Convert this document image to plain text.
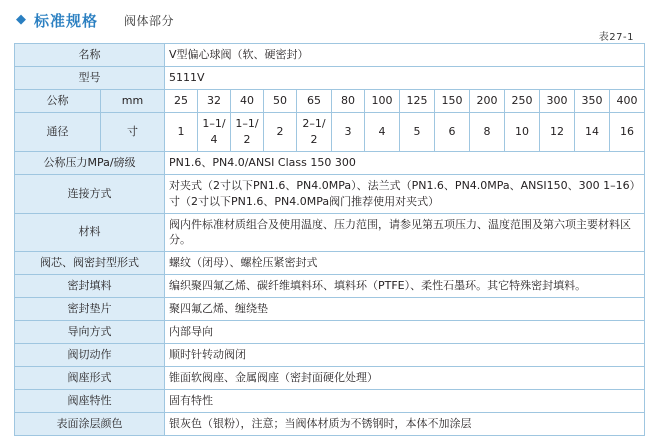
◆ 标准规格 阀体部分
表27-1
名称		V型偏心球阀（软、硬密封）													
型号		5111V													
公称	mm	25	32	40	50	65	80	100	125	150	200	250	300	350	400
通径	寸	1	1–1/4	1–1/2	2	2–1/2	3	4	5	6	8	10	12	14	16
公称压力MPa/磅级		PN1.6、PN4.0/ANSI Class 150 300													
连接方式		对夹式（2寸以下PN1.6、PN4.0MPa）、法兰式（PN1.6、PN4.0MPa、ANSI150、300 1–16）寸（2寸以下PN1.6、PN4.0MPa阀门推荐使用对夹式）													
材料		阀内件标准材质组合及使用温度、压力范围，请参见第五项压力、温度范围及第六项主要材料区分。													
阀芯、阀密封型形式		螺纹（闭母）、螺栓压紧密封式													
密封填料		编织聚四氟乙烯、碳纤维填料环、填料环（PTFE）、柔性石墨环。其它特殊密封填料。													
密封垫片		聚四氟乙烯、缠绕垫													
导向方式		内部导向													
阀切动作		顺时针转动阀闭													
阀座形式		锥面软阀座、金属阀座（密封面硬化处理）													
阀座特性		固有特性													
表面涂层颜色		银灰色（银粉），注意；当阀体材质为不锈钢时，本体不加涂层													
